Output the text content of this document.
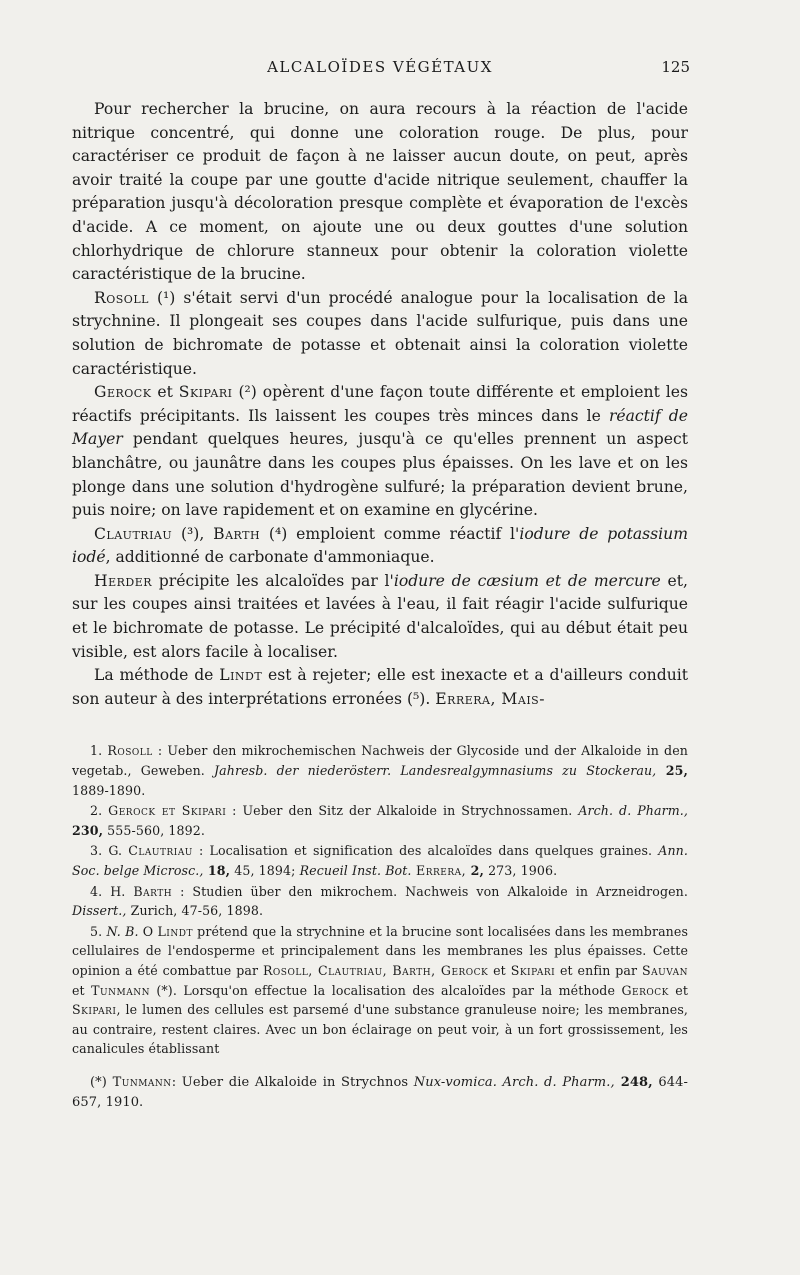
ALCALOÏDES VÉGÉTAUX	125

Pour rechercher la brucine, on aura recours à la réaction de l'acide nitrique concentré, qui donne une coloration rouge. De plus, pour caractériser ce produit de façon à ne laisser aucun doute, on peut, après avoir traité la coupe par une goutte d'acide nitrique seulement, chauffer la préparation jusqu'à décoloration presque complète et évaporation de l'excès d'acide. A ce moment, on ajoute une ou deux gouttes d'une solution chlorhydrique de chlorure stanneux pour obtenir la coloration violette caractéristique de la brucine.

Rosoll (¹) s'était servi d'un procédé analogue pour la localisation de la strychnine. Il plongeait ses coupes dans l'acide sulfurique, puis dans une solution de bichromate de potasse et obtenait ainsi la coloration violette caractéristique.

Gerock et Skipari (²) opèrent d'une façon toute différente et emploient les réactifs précipitants. Ils laissent les coupes très minces dans le réactif de Mayer pendant quelques heures, jusqu'à ce qu'elles prennent un aspect blanchâtre, ou jaunâtre dans les coupes plus épaisses. On les lave et on les plonge dans une solution d'hydrogène sulfuré; la préparation devient brune, puis noire; on lave rapidement et on examine en glycérine.

Clautriau (³), Barth (⁴) emploient comme réactif l'iodure de potassium iodé, additionné de carbonate d'ammoniaque.

Herder précipite les alcaloïdes par l'iodure de cæsium et de mercure et, sur les coupes ainsi traitées et lavées à l'eau, il fait réagir l'acide sulfurique et le bichromate de potasse. Le précipité d'alcaloïdes, qui au début était peu visible, est alors facile à localiser.

La méthode de Lindt est à rejeter; elle est inexacte et a d'ailleurs conduit son auteur à des interprétations erronées (⁵). Errera, Mais-

1. Rosoll : Ueber den mikrochemischen Nachweis der Glycoside und der Alkaloide in den vegetab., Geweben. Jahresb. der niederösterr. Landesrealgymnasiums zu Stockerau, 25, 1889-1890.

2. Gerock et Skipari : Ueber den Sitz der Alkaloide in Strychnossamen. Arch. d. Pharm., 230, 555-560, 1892.

3. G. Clautriau : Localisation et signification des alcaloïdes dans quelques graines. Ann. Soc. belge Microsc., 18, 45, 1894; Recueil Inst. Bot. Errera, 2, 273, 1906.

4. H. Barth : Studien über den mikrochem. Nachweis von Alkaloide in Arzneidrogen. Dissert., Zurich, 47-56, 1898.

5. N. B. O Lindt prétend que la strychnine et la brucine sont localisées dans les membranes cellulaires de l'endosperme et principalement dans les membranes les plus épaisses. Cette opinion a été combattue par Rosoll, Clautriau, Barth, Gerock et Skipari et enfin par Sauvan et Tunmann (*). Lorsqu'on effectue la localisation des alcaloïdes par la méthode Gerock et Skipari, le lumen des cellules est parsemé d'une substance granuleuse noire; les membranes, au contraire, restent claires. Avec un bon éclairage on peut voir, à un fort grossissement, les canalicules établissant

(*) Tunmann: Ueber die Alkaloide in Strychnos Nux-vomica. Arch. d. Pharm., 248, 644-657, 1910.
